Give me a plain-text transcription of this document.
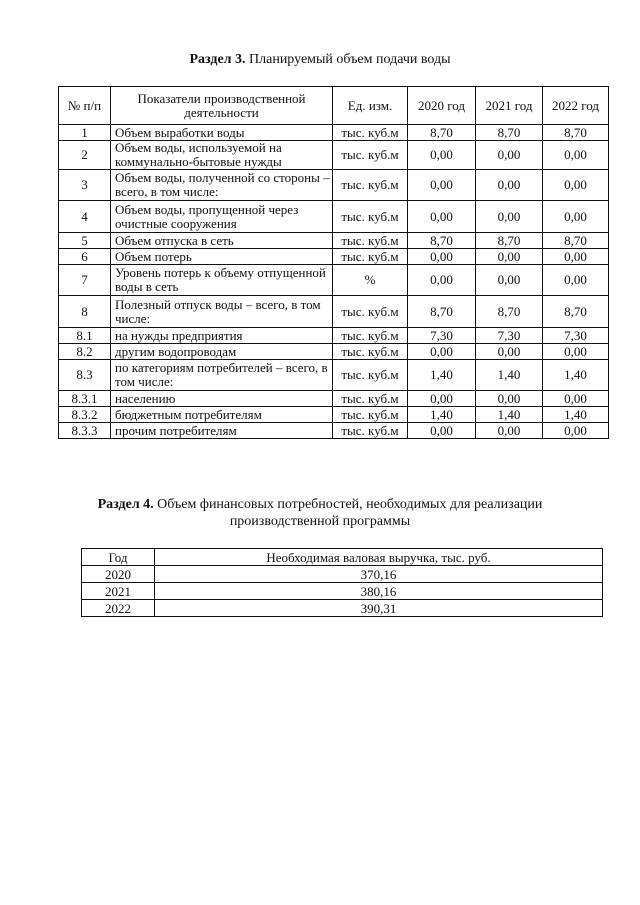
Раздел 3. Планируемый объем подачи воды
№ п/п	Показатели производственной деятельности	Ед. изм.	2020 год	2021 год	2022 год
1	Объем выработки воды	тыс. куб.м	8,70	8,70	8,70
2	Объем воды, используемой на коммунально-бытовые нужды	тыс. куб.м	0,00	0,00	0,00
3	Объем воды, полученной со стороны – всего, в том числе:	тыс. куб.м	0,00	0,00	0,00
4	Объем воды, пропущенной через очистные сооружения	тыс. куб.м	0,00	0,00	0,00
5	Объем отпуска в сеть	тыс. куб.м	8,70	8,70	8,70
6	Объем потерь	тыс. куб.м	0,00	0,00	0,00
7	Уровень потерь к объему отпущенной воды в сеть	%	0,00	0,00	0,00
8	Полезный отпуск воды – всего, в том числе:	тыс. куб.м	8,70	8,70	8,70
8.1	на нужды предприятия	тыс. куб.м	7,30	7,30	7,30
8.2	другим водопроводам	тыс. куб.м	0,00	0,00	0,00
8.3	по категориям потребителей – всего, в том числе:	тыс. куб.м	1,40	1,40	1,40
8.3.1	населению	тыс. куб.м	0,00	0,00	0,00
8.3.2	бюджетным потребителям	тыс. куб.м	1,40	1,40	1,40
8.3.3	прочим потребителям	тыс. куб.м	0,00	0,00	0,00
Раздел 4. Объем финансовых потребностей, необходимых для реализации
производственной программы
Год	Необходимая валовая выручка, тыс. руб.
2020	370,16
2021	380,16
2022	390,31
